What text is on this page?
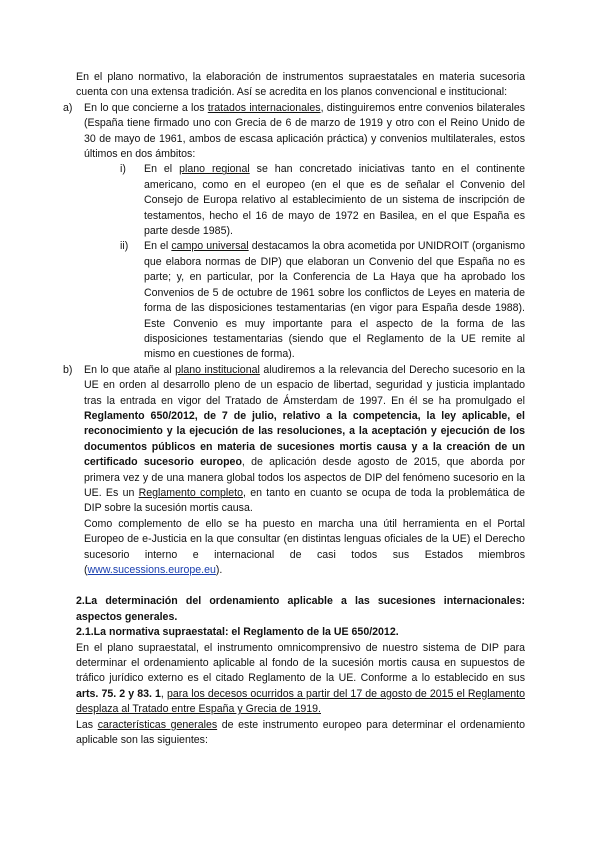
En el plano normativo, la elaboración de instrumentos supraestatales en materia sucesoria cuenta con una extensa tradición. Así se acredita en los planos convencional e institucional:

a) En lo que concierne a los tratados internacionales, distinguiremos entre convenios bilaterales (España tiene firmado uno con Grecia de 6 de marzo de 1919 y otro con el Reino Unido de 30 de mayo de 1961, ambos de escasa aplicación práctica) y convenios multilaterales, estos últimos en dos ámbitos:

i) En el plano regional se han concretado iniciativas tanto en el continente americano, como en el europeo (en el que es de señalar el Convenio del Consejo de Europa relativo al establecimiento de un sistema de inscripción de testamentos, hecho el 16 de mayo de 1972 en Basilea, en el que España es parte desde 1985).

ii) En el campo universal destacamos la obra acometida por UNIDROIT (organismo que elabora normas de DIP) que elaboran un Convenio del que España no es parte; y, en particular, por la Conferencia de La Haya que ha aprobado los Convenios de 5 de octubre de 1961 sobre los conflictos de Leyes en materia de forma de las disposiciones testamentarias (en vigor para España desde 1988). Este Convenio es muy importante para el aspecto de la forma de las disposiciones testamentarias (siendo que el Reglamento de la UE remite al mismo en cuestiones de forma).

b) En lo que atañe al plano institucional aludiremos a la relevancia del Derecho sucesorio en la UE en orden al desarrollo pleno de un espacio de libertad, seguridad y justicia implantado tras la entrada en vigor del Tratado de Ámsterdam de 1997. En él se ha promulgado el Reglamento 650/2012, de 7 de julio, relativo a la competencia, la ley aplicable, el reconocimiento y la ejecución de las resoluciones, a la aceptación y ejecución de los documentos públicos en materia de sucesiones mortis causa y a la creación de un certificado sucesorio europeo, de aplicación desde agosto de 2015, que aborda por primera vez y de una manera global todos los aspectos de DIP del fenómeno sucesorio en la UE. Es un Reglamento completo, en tanto en cuanto se ocupa de toda la problemática de DIP sobre la sucesión mortis causa.

Como complemento de ello se ha puesto en marcha una útil herramienta en el Portal Europeo de e-Justicia en la que consultar (en distintas lenguas oficiales de la UE) el Derecho sucesorio interno e internacional de casi todos sus Estados miembros (www.sucessions.europe.eu).

2.La determinación del ordenamiento aplicable a las sucesiones internacionales: aspectos generales.

2.1.La normativa supraestatal: el Reglamento de la UE 650/2012.

En el plano supraestatal, el instrumento omnicomprensivo de nuestro sistema de DIP para determinar el ordenamiento aplicable al fondo de la sucesión mortis causa en supuestos de tráfico jurídico externo es el citado Reglamento de la UE. Conforme a lo establecido en sus arts. 75. 2 y 83. 1, para los decesos ocurridos a partir del 17 de agosto de 2015 el Reglamento desplaza al Tratado entre España y Grecia de 1919.

Las características generales de este instrumento europeo para determinar el ordenamiento aplicable son las siguientes:
